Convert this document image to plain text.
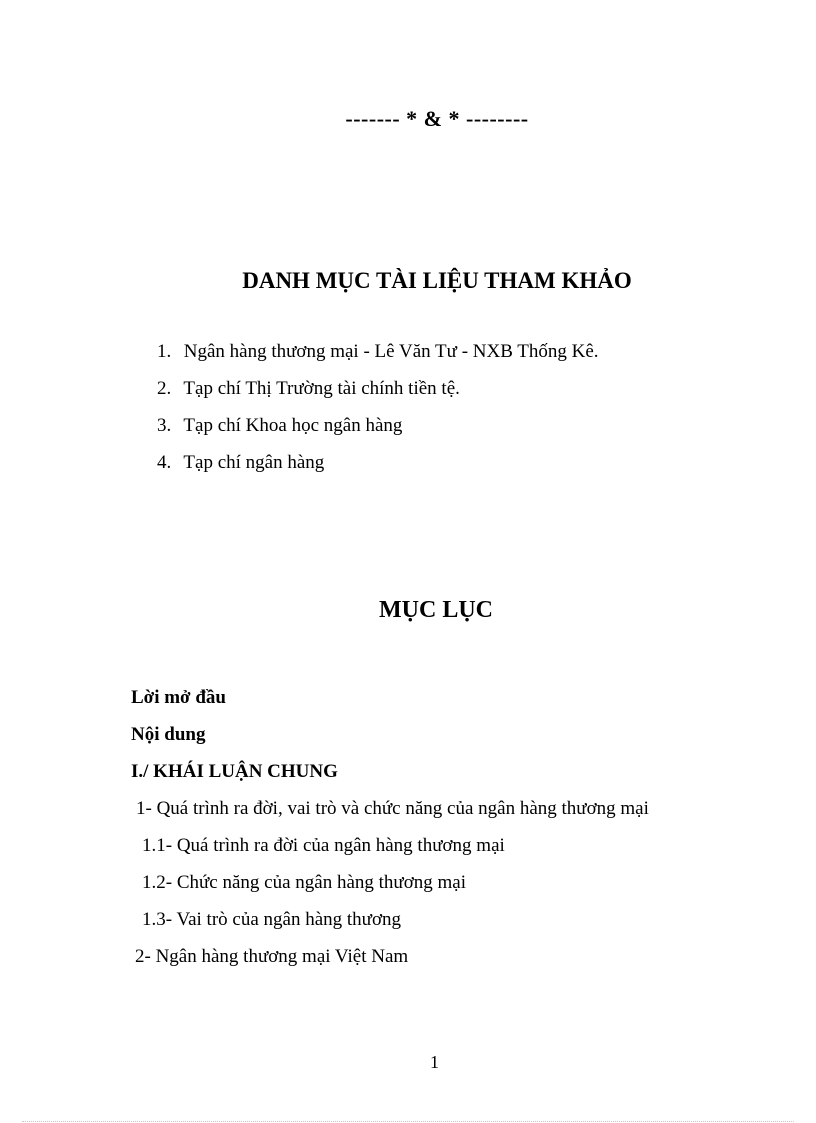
------- * & * --------
DANH MỤC TÀI LIỆU THAM KHẢO
1. Ngân hàng thương mại - Lê Văn Tư - NXB Thống Kê.
2. Tạp chí Thị Trường tài chính tiền tệ.
3. Tạp chí Khoa học ngân hàng
4. Tạp chí ngân hàng
MỤC LỤC
Lời mở đầu
Nội dung
I./ KHÁI LUẬN CHUNG
1- Quá trình ra đời, vai trò và chức năng của ngân hàng thương mại
1.1- Quá trình ra đời của ngân hàng thương mại
1.2- Chức năng của ngân hàng thương mại
1.3- Vai trò của ngân hàng thương
2- Ngân hàng thương mại Việt Nam
1
